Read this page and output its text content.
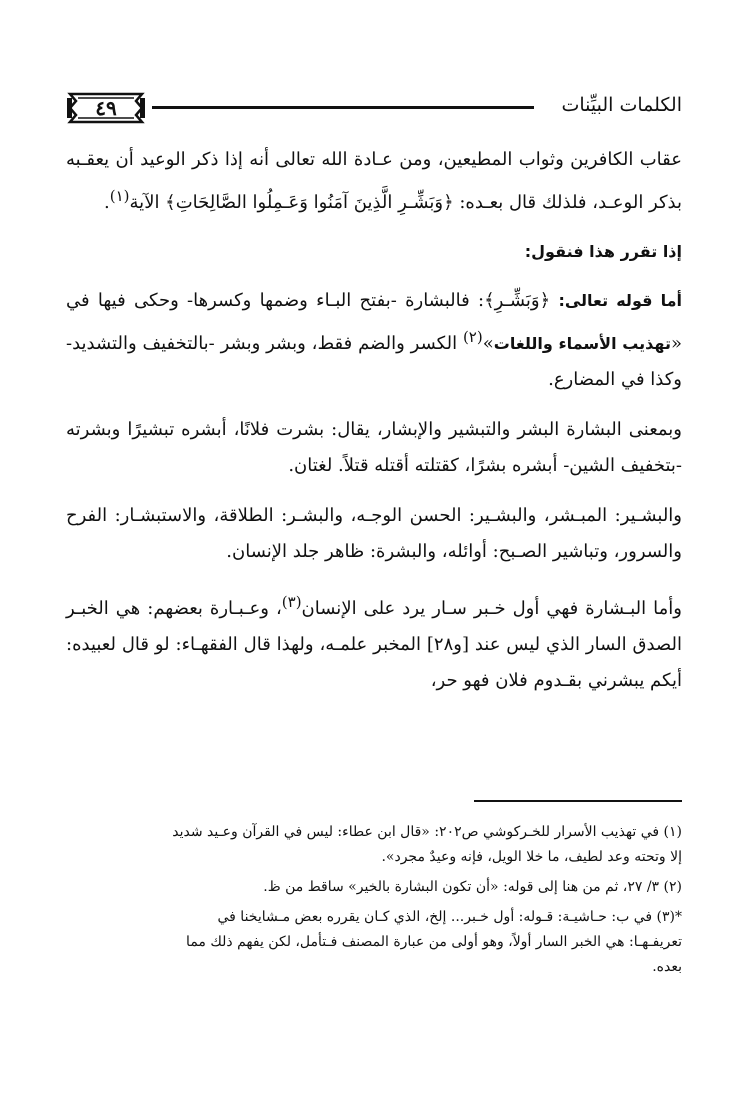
٤٩	الكلمات البيِّنات

عقاب الكافرين وثواب المطيعين، ومن عـادة الله تعالى أنه إذا ذكر الوعيد أن يعقـبه بذكر الوعـد، فلذلك قال بعـده: ﴿وَبَشِّـرِ الَّذِينَ آمَنُوا وَعَـمِلُوا الصَّالِحَاتِ﴾ الآية$^{(١)}$.

إذا تقرر هذا فنقول:

أما قوله تعالى: ﴿وَبَشِّـرِ﴾: فالبشارة -بفتح البـاء وضمها وكسرها- وحكى فيها في «تهذيب الأسماء واللغات»$^{(٢)}$ الكسر والضم فقط، وبشر وبشر -بالتخفيف والتشديد- وكذا في المضارع.

وبمعنى البشارة البشر والتبشير والإبشار، يقال: بشرت فلانًا، أبشره تبشيرًا وبشرته -بتخفيف الشين- أبشره بشرًا، كقتلته أقتله قتلاً. لغتان.

والبشـير: المبـشر، والبشـير: الحسن الوجـه، والبشـر: الطلاقة، والاستبشـار: الفرح والسرور، وتباشير الصـبح: أوائله، والبشرة: ظاهر جلد الإنسان.

وأما البـشارة فهي أول خـبر سـار يرد على الإنسان$^{(٣)}$، وعـبـارة بعضهم: هي الخبـر الصدق السار الذي ليس عند [و٢٨] المخبر علمـه، ولهذا قال الفقهـاء: لو قال لعبيده: أيكم يبشرني بقـدوم فلان فهو حر،

(١) في تهذيب الأسرار للخـركوشي ص٢٠٢: «قال ابن عطاء: ليس في القرآن وعـيد شديد

إلا وتحته وعد لطيف، ما خلا الويل، فإنه وعيدٌ مجرد».

(٢) ٣/ ٢٧، ثم من هنا إلى قوله: «أن تكون البشارة بالخير» ساقط من ظ.

*(٣) في ب: حـاشيـة: قـوله: أول خـبر... إلخ، الذي كـان يقرره بعض مـشايخنا في

تعريفـهـا: هي الخبر السار أولاً، وهو أولى من عبارة المصنف فـتأمل، لكن يفهم ذلك مما

بعده.
